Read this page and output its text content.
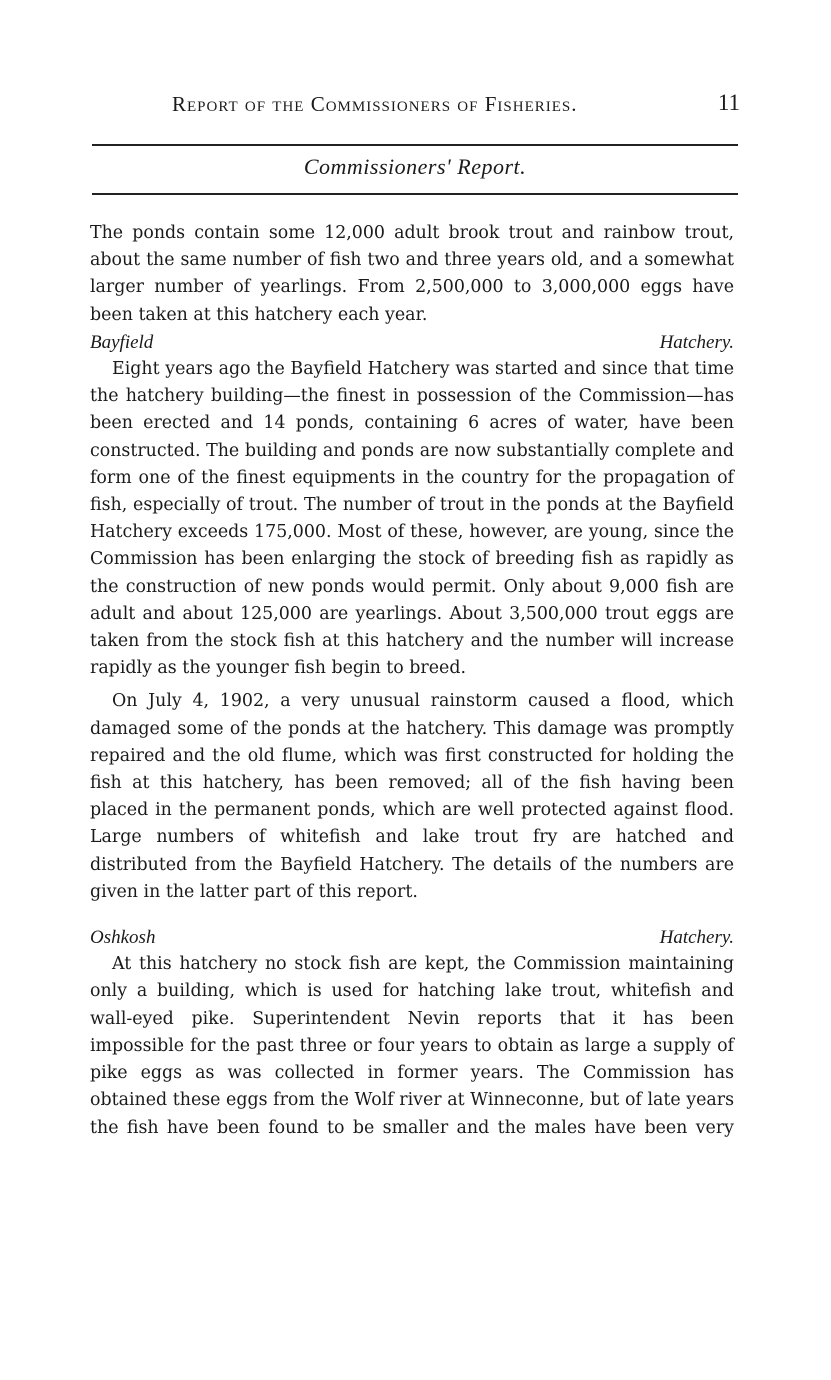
Report of the Commissioners of Fisheries.	11
Commissioners' Report.

The ponds contain some 12,000 adult brook trout and rainbow trout, about the same number of fish two and three years old, and a somewhat larger number of yearlings. From 2,500,000 to 3,000,000 eggs have been taken at this hatchery each year.

Bayfield Hatchery.

Eight years ago the Bayfield Hatchery was started and since that time the hatchery building—the finest in possession of the Commission—has been erected and 14 ponds, containing 6 acres of water, have been constructed. The building and ponds are now substantially complete and form one of the finest equipments in the country for the propagation of fish, especially of trout. The number of trout in the ponds at the Bayfield Hatchery exceeds 175,000. Most of these, however, are young, since the Commission has been enlarging the stock of breeding fish as rapidly as the construction of new ponds would permit. Only about 9,000 fish are adult and about 125,000 are yearlings. About 3,500,000 trout eggs are taken from the stock fish at this hatchery and the number will increase rapidly as the younger fish begin to breed.

On July 4, 1902, a very unusual rainstorm caused a flood, which damaged some of the ponds at the hatchery. This damage was promptly repaired and the old flume, which was first constructed for holding the fish at this hatchery, has been removed; all of the fish having been placed in the permanent ponds, which are well protected against flood. Large numbers of whitefish and lake trout fry are hatched and distributed from the Bayfield Hatchery. The details of the numbers are given in the latter part of this report.

Oshkosh Hatchery.

At this hatchery no stock fish are kept, the Commission maintaining only a building, which is used for hatching lake trout, whitefish and wall-eyed pike. Superintendent Nevin reports that it has been impossible for the past three or four years to obtain as large a supply of pike eggs as was collected in former years. The Commission has obtained these eggs from the Wolf river at Winneconne, but of late years the fish have been found to be smaller and the males have been very
